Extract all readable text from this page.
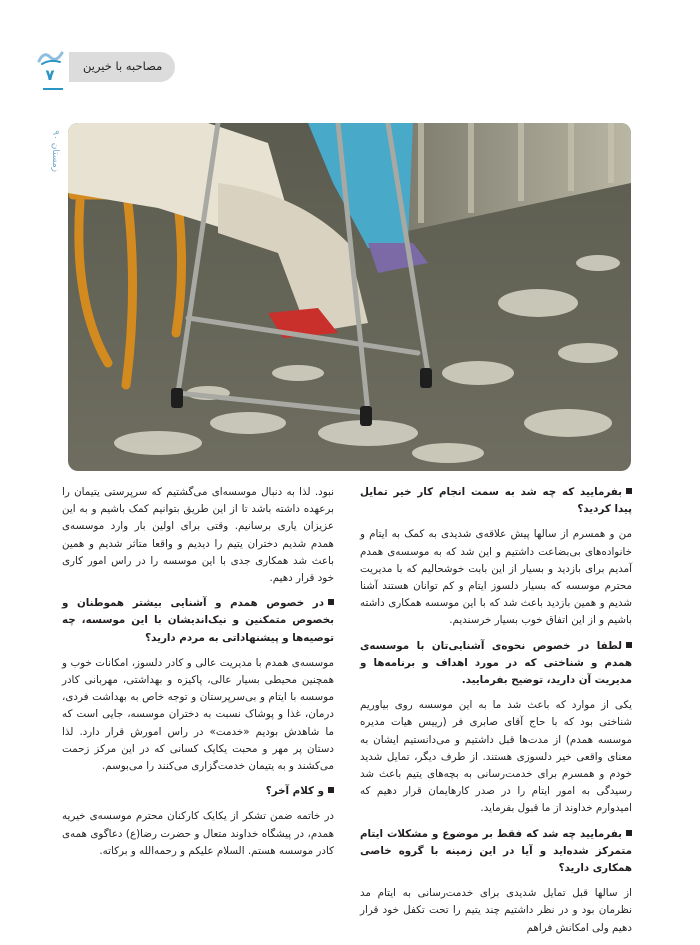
مصاحبه با خیرین
۷
زمستان ۹۰

بفرمایید که چه شد به سمت انجام کار خیر تمایل پیدا کردید؟

من و همسرم از سالها پیش علاقه‌ی شدیدی به کمک به ایتام و خانواده‌های بی‌بضاعت داشتیم و این شد که به موسسه‌ی همدم آمدیم برای بازدید و بسیار از این بابت خوشحالیم که با مدیریت محترم موسسه که بسیار دلسوز ایتام و کم توانان هستند آشنا شدیم و همین بازدید باعث شد که با این موسسه همکاری داشته باشیم و از این اتفاق خوب بسیار خرسندیم.

لطفا در خصوص نحوه‌ی آشنایی‌تان با موسسه‌ی همدم و شناختی که در مورد اهداف و برنامه‌ها و مدیریت آن دارید، توضیح بفرمایید.

یکی از موارد که باعث شد ما به این موسسه روی بیاوریم شناختی بود که با حاج آقای صابری فر (رییس هیات مدیره موسسه همدم) از مدت‌ها قبل داشتیم و می‌دانستیم ایشان به معنای واقعی خیر دلسوزی هستند. از طرف دیگر، تمایل شدید خودم و همسرم برای خدمت‌رسانی به بچه‌های یتیم باعث شد رسیدگی به امور ایتام را در صدر کارهایمان قرار دهیم که امیدوارم خداوند از ما قبول بفرماید.

بفرمایید چه شد که فقط بر موضوع و مشکلات ایتام متمرکز شده‌اید و آیا در این زمینه با گروه خاصی همکاری دارید؟

از سالها قبل تمایل شدیدی برای خدمت‌رسانی به ایتام مد نظرمان بود و در نظر داشتیم چند یتیم را تحت تکفل خود قرار دهیم ولی امکانش فراهم

نبود. لذا به دنبال موسسه‌ای می‌گشتیم که سرپرستی یتیمان را برعهده داشته باشد تا از این طریق بتوانیم کمک باشیم و به این عزیزان یاری برسانیم. وقتی برای اولین بار وارد موسسه‌ی همدم شدیم دختران یتیم را دیدیم و واقعا متاثر شدیم و همین باعث شد همکاری جدی با این موسسه را در راس امور کاری خود قرار دهیم.

در خصوص همدم و آشنایی بیشتر هموطنان و بخصوص متمکنین و نیک‌اندیشان با این موسسه، چه توصیه‌ها و پیشنهاداتی به مردم دارید؟

موسسه‌ی همدم با مدیریت عالی و کادر دلسوز، امکانات خوب و همچنین محیطی بسیار عالی، پاکیزه و بهداشتی، مهربانی کادر موسسه با ایتام و بی‌سرپرستان و توجه خاص به بهداشت فردی، درمان، غذا و پوشاک نسبت به دختران موسسه، جایی است که ما شاهدش بودیم «خدمت» در راس امورش قرار دارد. لذا دستان پر مهر و محبت یکایک کسانی که در این مرکز زحمت می‌کشند و به یتیمان خدمت‌گزاری می‌کنند را می‌بوسم.

و کلام آخر؟

در خاتمه ضمن تشکر از یکایک کارکنان محترم موسسه‌ی خیریه همدم، در پیشگاه خداوند متعال و حضرت رضا(ع) دعاگوی همه‌ی کادر موسسه هستم. السلام علیکم و رحمه‌الله و برکاته.
